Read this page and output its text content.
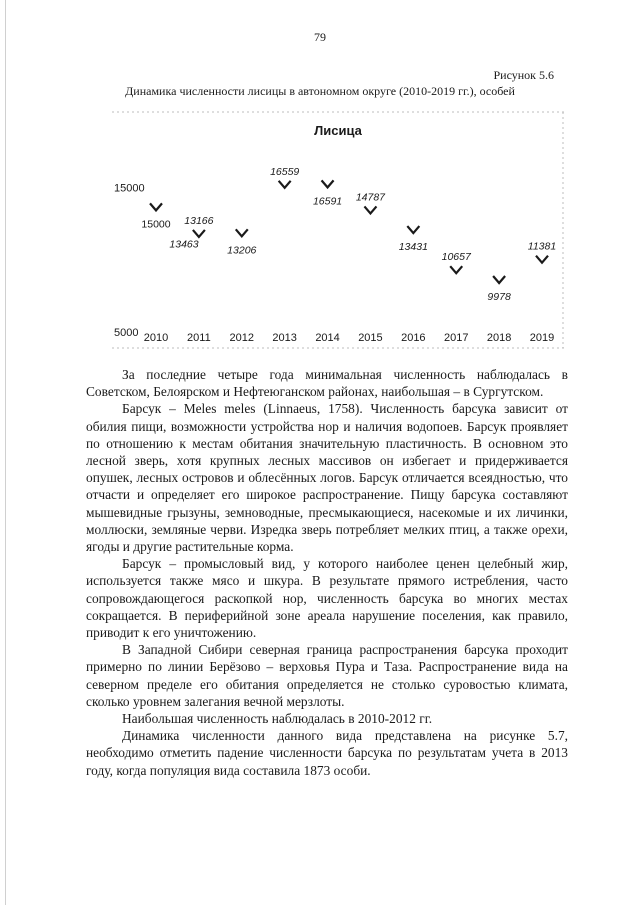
79
Рисунок 5.6
Динамика численности лисицы в автономном округе (2010-2019 гг.), особей
Лисица
2010 2011 2012 2013 2014 2015 2016 2017 2018 2019
15000
5000
15000 13166
13206
16559
16591 14787
13431
10657
9978
11381
13463

За последние четыре года минимальная численность наблюдалась в Советском, Белоярском и Нефтеюганском районах, наибольшая – в Сургутском.

Барсук – Meles meles (Linnaeus, 1758). Численность барсука зависит от обилия пищи, возможности устройства нор и наличия водопоев. Барсук проявляет по отношению к местам обитания значительную пластичность. В основном это лесной зверь, хотя крупных лесных массивов он избегает и придерживается опушек, лесных островов и облесённых логов. Барсук отличается всеядностью, что отчасти и определяет его широкое распространение. Пищу барсука составляют мышевидные грызуны, земноводные, пресмыкающиеся, насекомые и их личинки, моллюски, земляные черви. Изредка зверь потребляет мелких птиц, а также орехи, ягоды и другие растительные корма.

Барсук – промысловый вид, у которого наиболее ценен целебный жир, используется также мясо и шкура. В результате прямого истребления, часто сопровождающегося раскопкой нор, численность барсука во многих местах сокращается. В периферийной зоне ареала нарушение поселения, как правило, приводит к его уничтожению.

В Западной Сибири северная граница распространения барсука проходит примерно по линии Берёзово – верховья Пура и Таза. Распространение вида на северном пределе его обитания определяется не столько суровостью климата, сколько уровнем залегания вечной мерзлоты.

Наибольшая численность наблюдалась в 2010-2012 гг.

Динамика численности данного вида представлена на рисунке 5.7, необходимо отметить падение численности барсука по результатам учета в 2013 году, когда популяция вида составила 1873 особи.
